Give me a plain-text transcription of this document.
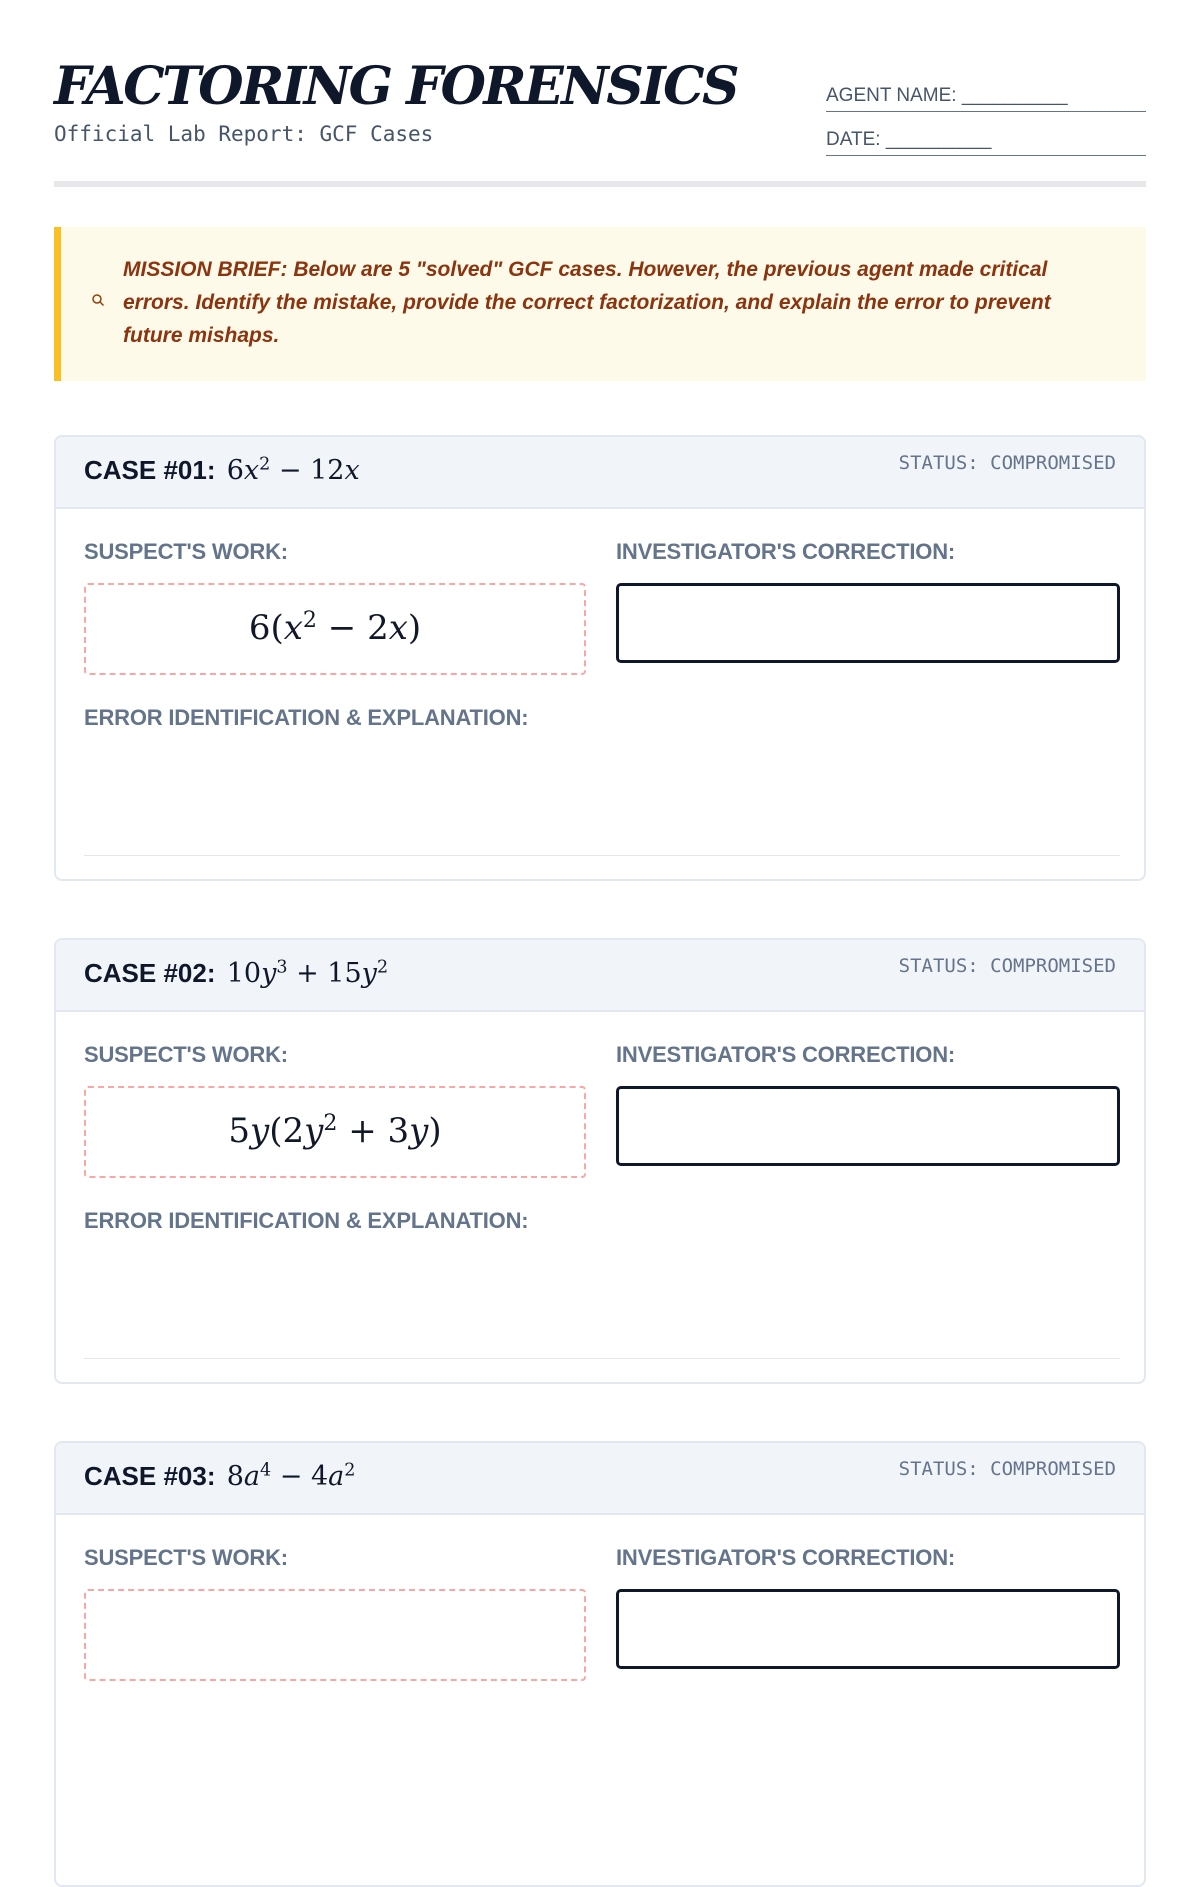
FACTORING FORENSICS
Official Lab Report: GCF Cases
AGENT NAME: __________
DATE: __________
MISSION BRIEF: Below are 5 "solved" GCF cases. However, the previous agent made critical errors. Identify the mistake, provide the correct factorization, and explain the error to prevent future mishaps.
CASE #01: $6x^2 - 12x$	STATUS: COMPROMISED
SUSPECT'S WORK:	INVESTIGATOR'S CORRECTION:
$6(x^2 - 2x)$
ERROR IDENTIFICATION & EXPLANATION:
CASE #02: $10y^3 + 15y^2$	STATUS: COMPROMISED
SUSPECT'S WORK:	INVESTIGATOR'S CORRECTION:
$5y(2y^2 + 3y)$
ERROR IDENTIFICATION & EXPLANATION:
CASE #03: $8a^4 - 4a^2$	STATUS: COMPROMISED
SUSPECT'S WORK:	INVESTIGATOR'S CORRECTION:
